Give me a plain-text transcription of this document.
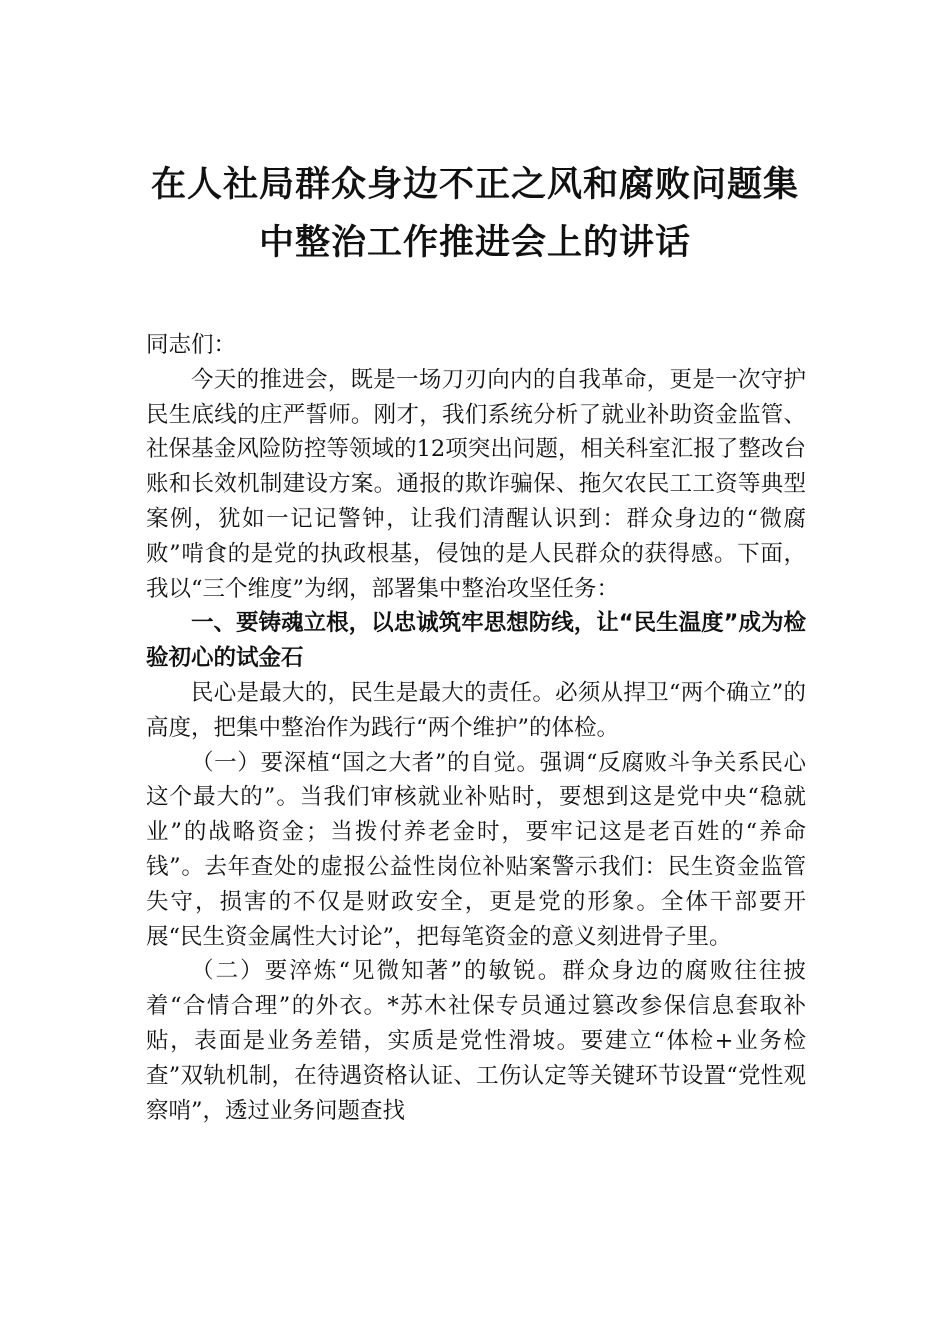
在人社局群众身边不正之风和腐败问题集中整治工作推进会上的讲话

同志们：

今天的推进会，既是一场刀刃向内的自我革命，更是一次守护民生底线的庄严誓师。刚才，我们系统分析了就业补助资金监管、社保基金风险防控等领域的12项突出问题，相关科室汇报了整改台账和长效机制建设方案。通报的欺诈骗保、拖欠农民工工资等典型案例，犹如一记记警钟，让我们清醒认识到：群众身边的“微腐败”啃食的是党的执政根基，侵蚀的是人民群众的获得感。下面，我以“三个维度”为纲，部署集中整治攻坚任务：

一、要铸魂立根，以忠诚筑牢思想防线，让“民生温度”成为检验初心的试金石

民心是最大的，民生是最大的责任。必须从捍卫“两个确立”的高度，把集中整治作为践行“两个维护”的体检。

（一）要深植“国之大者”的自觉。强调“反腐败斗争关系民心这个最大的”。当我们审核就业补贴时，要想到这是党中央“稳就业”的战略资金；当拨付养老金时，要牢记这是老百姓的“养命钱”。去年查处的虚报公益性岗位补贴案警示我们：民生资金监管失守，损害的不仅是财政安全，更是党的形象。全体干部要开展“民生资金属性大讨论”，把每笔资金的意义刻进骨子里。

（二）要淬炼“见微知著”的敏锐。群众身边的腐败往往披着“合情合理”的外衣。*苏木社保专员通过篡改参保信息套取补贴，表面是业务差错，实质是党性滑坡。要建立“体检+业务检查”双轨机制，在待遇资格认证、工伤认定等关键环节设置“党性观察哨”，透过业务问题查找
